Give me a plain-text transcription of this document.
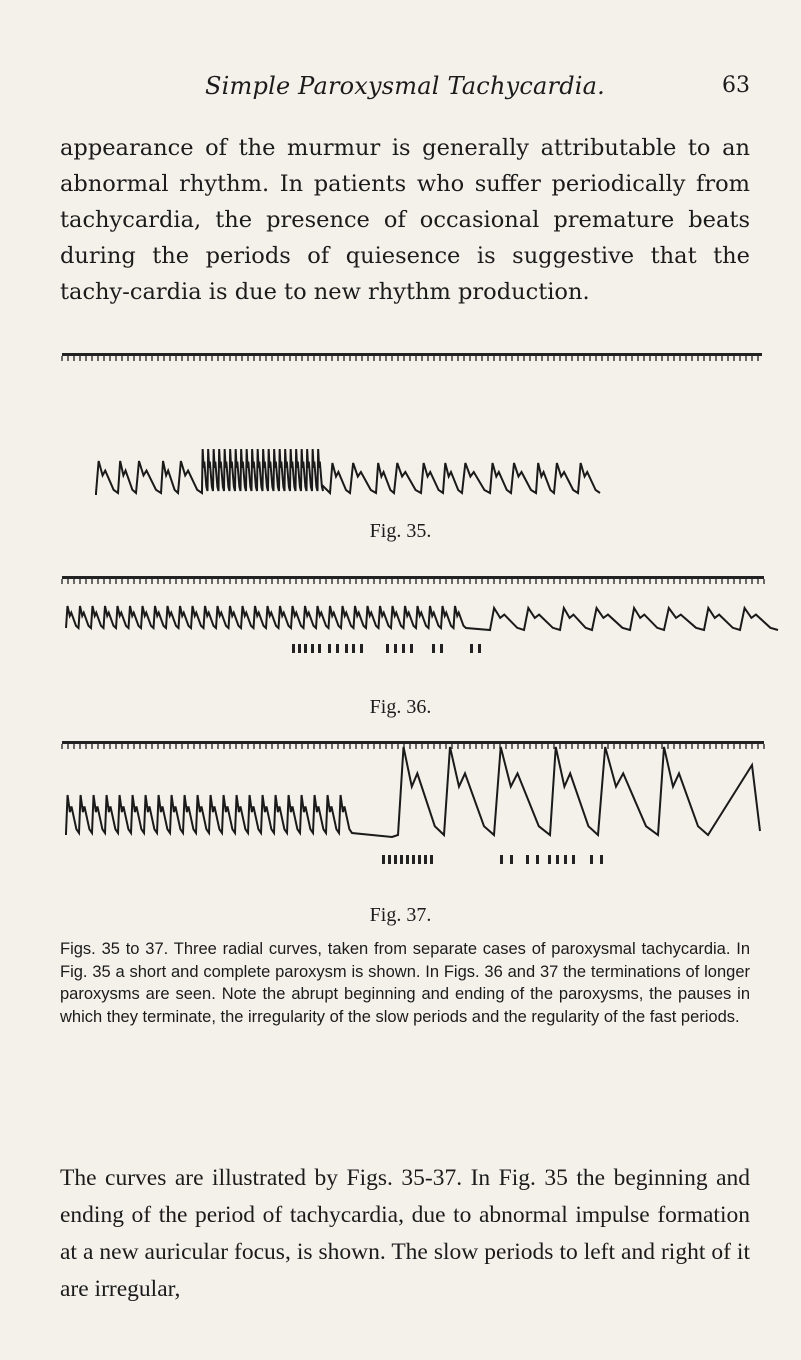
Simple Paroxysmal Tachycardia.	63
appearance of the murmur is generally attributable to an abnormal rhythm. In patients who suffer periodically from tachycardia, the presence of occasional premature beats during the periods of quiesence is suggestive that the tachy-cardia is due to new rhythm production.
Fig. 35.
Fig. 36.
Fig. 37.
Figs. 35 to 37. Three radial curves, taken from separate cases of paroxysmal tachycardia. In Fig. 35 a short and complete paroxysm is shown. In Figs. 36 and 37 the terminations of longer paroxysms are seen. Note the abrupt beginning and ending of the paroxysms, the pauses in which they terminate, the irregularity of the slow periods and the regularity of the fast periods.
The curves are illustrated by Figs. 35-37. In Fig. 35 the beginning and ending of the period of tachycardia, due to abnormal impulse formation at a new auricular focus, is shown. The slow periods to left and right of it are irregular,
